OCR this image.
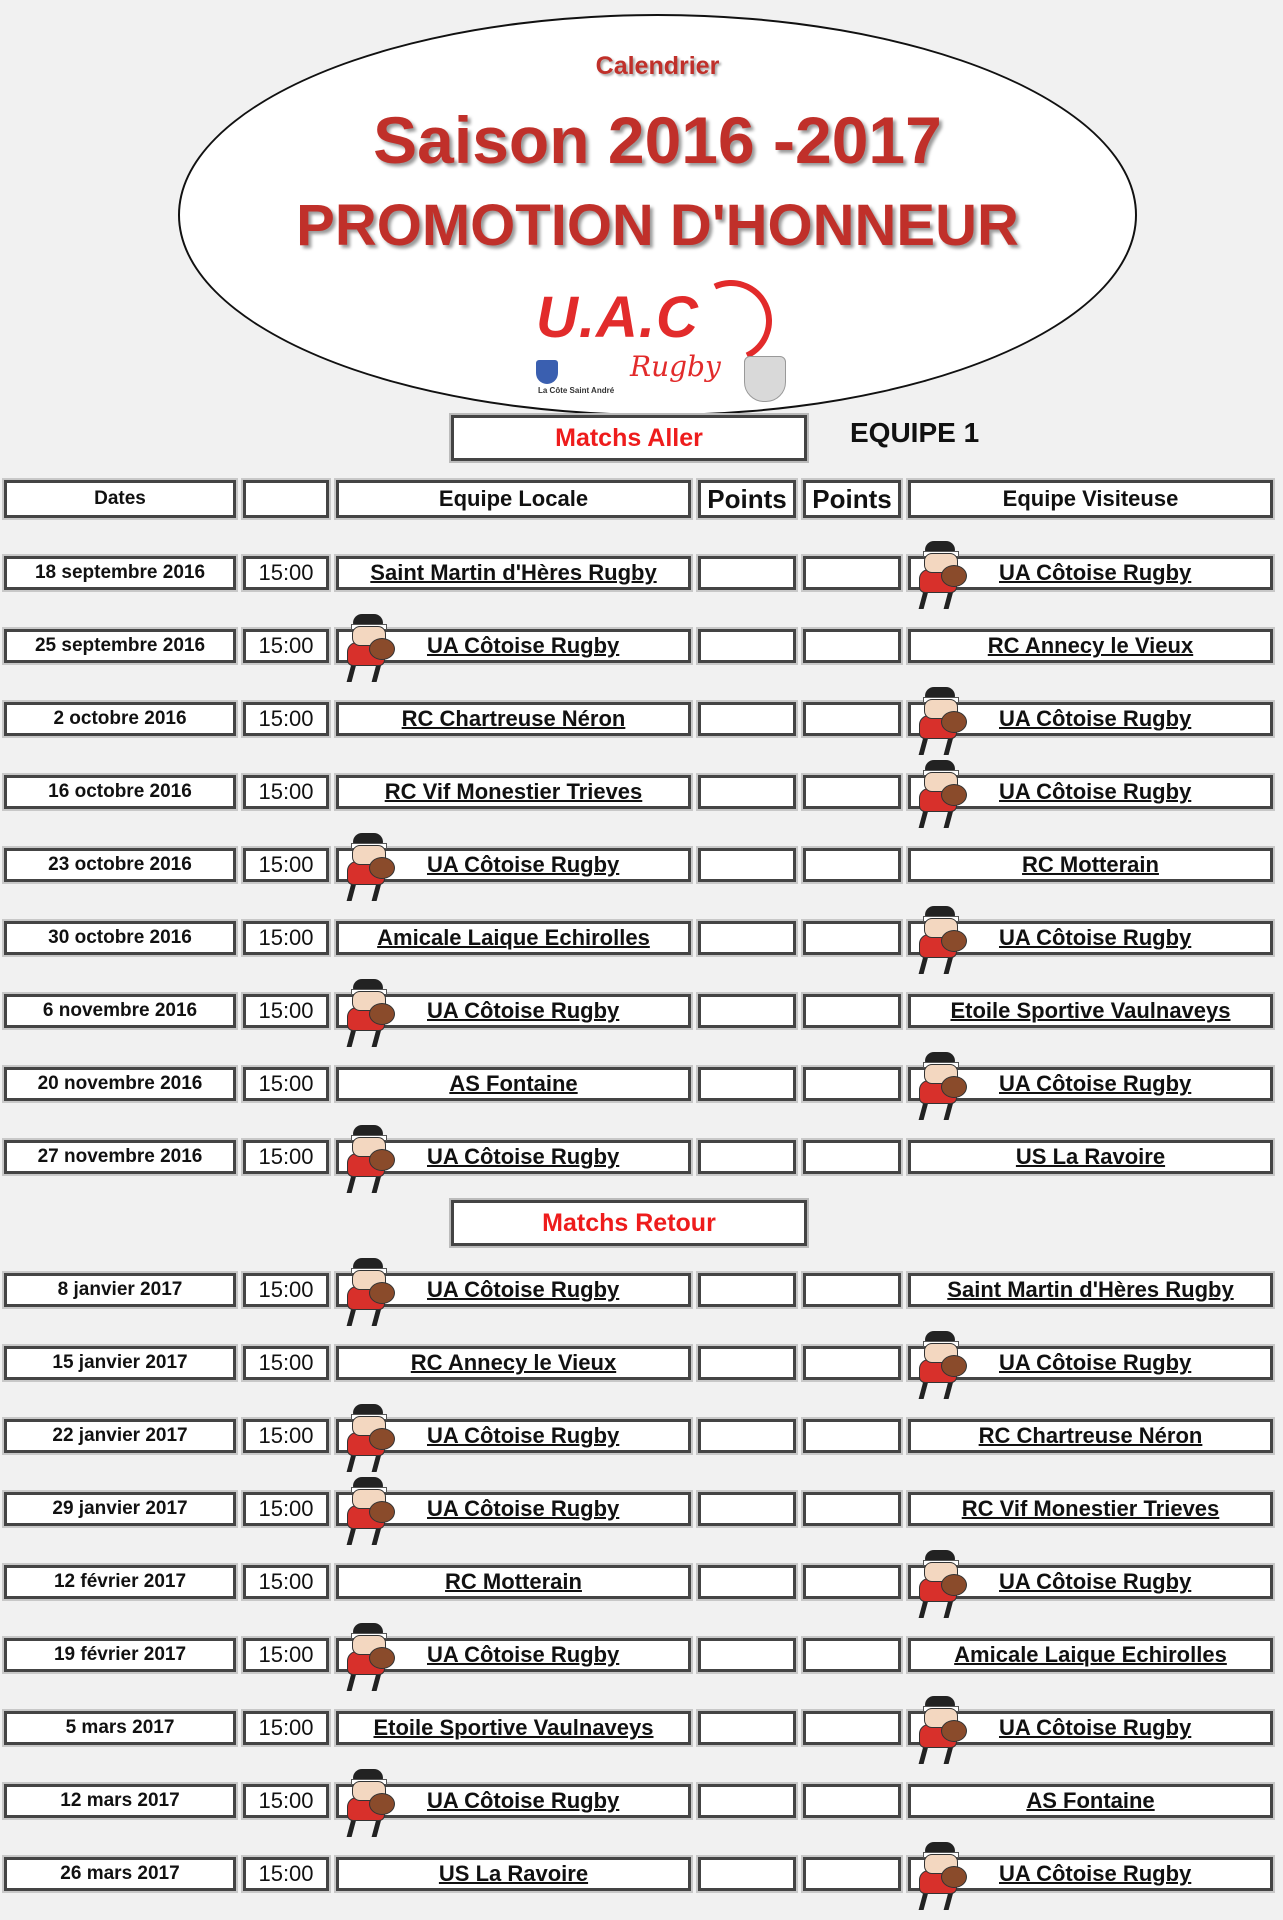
Calendrier
Saison 2016 -2017
PROMOTION D'HONNEUR
U.A.C
Rugby
La Côte Saint André
Matchs Aller	EQUIPE 1
Dates	Equipe Locale	Points Points	Equipe Visiteuse
18 septembre 2016	15:00	Saint Martin d'Hères Rugby	UA Côtoise Rugby
25 septembre 2016	15:00	UA Côtoise Rugby	RC Annecy le Vieux
2 octobre 2016	15:00	RC Chartreuse Néron	UA Côtoise Rugby
16 octobre 2016	15:00	RC Vif Monestier Trieves	UA Côtoise Rugby
23 octobre 2016	15:00	UA Côtoise Rugby	RC Motterain
30 octobre 2016	15:00	Amicale Laique Echirolles	UA Côtoise Rugby
6 novembre 2016	15:00	UA Côtoise Rugby	Etoile Sportive Vaulnaveys
20 novembre 2016	15:00	AS Fontaine	UA Côtoise Rugby
27 novembre 2016	15:00	UA Côtoise Rugby	US La Ravoire
Matchs Retour
8 janvier 2017	15:00	UA Côtoise Rugby	Saint Martin d'Hères Rugby
15 janvier 2017	15:00	RC Annecy le Vieux	UA Côtoise Rugby
22 janvier 2017	15:00	UA Côtoise Rugby	RC Chartreuse Néron
29 janvier 2017	15:00	UA Côtoise Rugby	RC Vif Monestier Trieves
12 février 2017	15:00	RC Motterain	UA Côtoise Rugby
19 février 2017	15:00	UA Côtoise Rugby	Amicale Laique Echirolles
5 mars 2017	15:00	Etoile Sportive Vaulnaveys	UA Côtoise Rugby
12 mars 2017	15:00	UA Côtoise Rugby	AS Fontaine
26 mars 2017	15:00	US La Ravoire	UA Côtoise Rugby
